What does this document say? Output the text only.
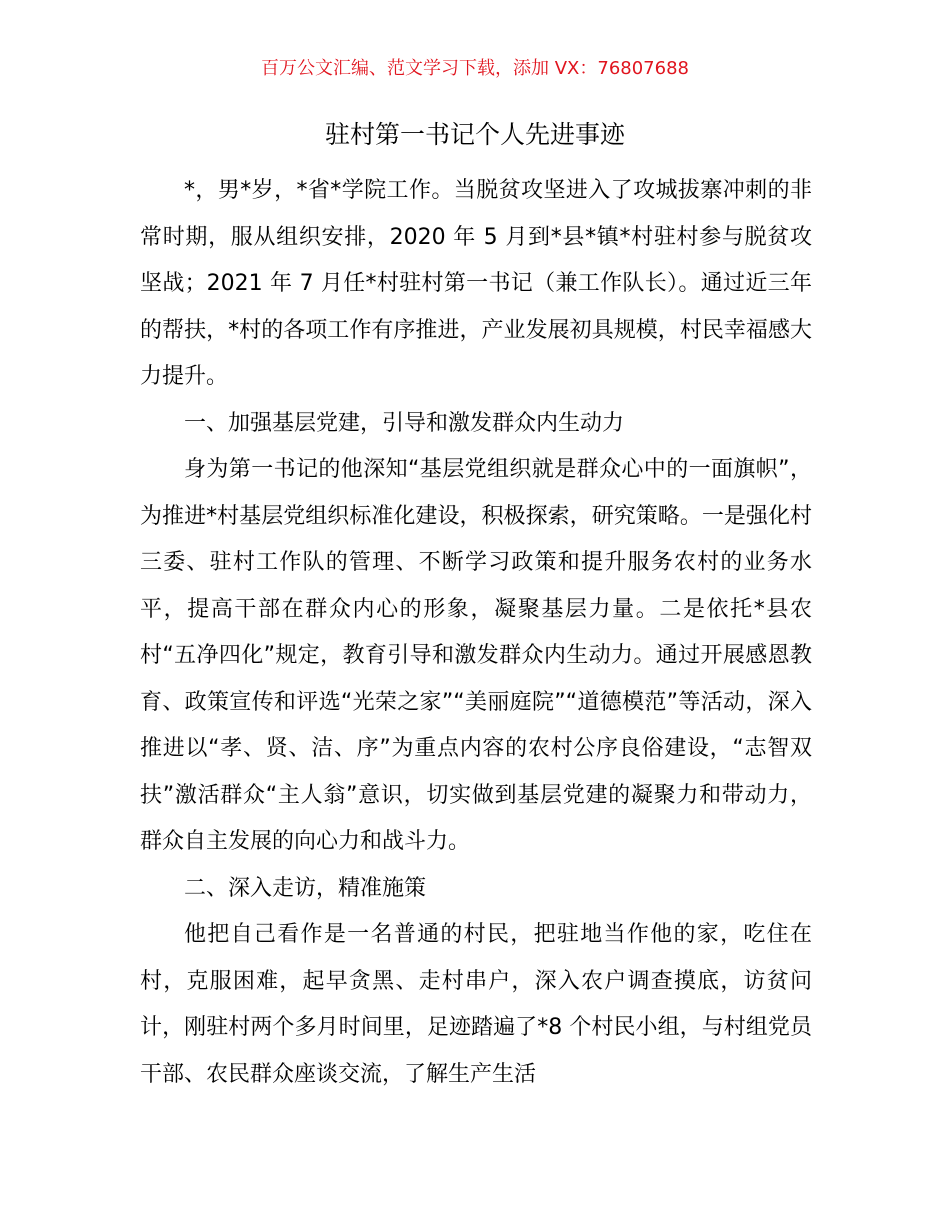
百万公文汇编、范文学习下载，添加 VX：76807688
驻村第一书记个人先进事迹

*，男*岁，*省*学院工作。当脱贫攻坚进入了攻城拔寨冲刺的非常时期，服从组织安排，2020 年 5 月到*县*镇*村驻村参与脱贫攻坚战；2021 年 7 月任*村驻村第一书记（兼工作队长）。通过近三年的帮扶，*村的各项工作有序推进，产业发展初具规模，村民幸福感大力提升。

一、加强基层党建，引导和激发群众内生动力

身为第一书记的他深知“基层党组织就是群众心中的一面旗帜”，为推进*村基层党组织标准化建设，积极探索，研究策略。一是强化村三委、驻村工作队的管理、不断学习政策和提升服务农村的业务水平，提高干部在群众内心的形象，凝聚基层力量。二是依托*县农村“五净四化”规定，教育引导和激发群众内生动力。通过开展感恩教育、政策宣传和评选“光荣之家”“美丽庭院”“道德模范”等活动，深入推进以“孝、贤、洁、序”为重点内容的农村公序良俗建设，“志智双扶”激活群众“主人翁”意识，切实做到基层党建的凝聚力和带动力，群众自主发展的向心力和战斗力。

二、深入走访，精准施策

他把自己看作是一名普通的村民，把驻地当作他的家，吃住在村，克服困难，起早贪黑、走村串户，深入农户调查摸底，访贫问计，刚驻村两个多月时间里，足迹踏遍了*8 个村民小组，与村组党员干部、农民群众座谈交流，了解生产生活
